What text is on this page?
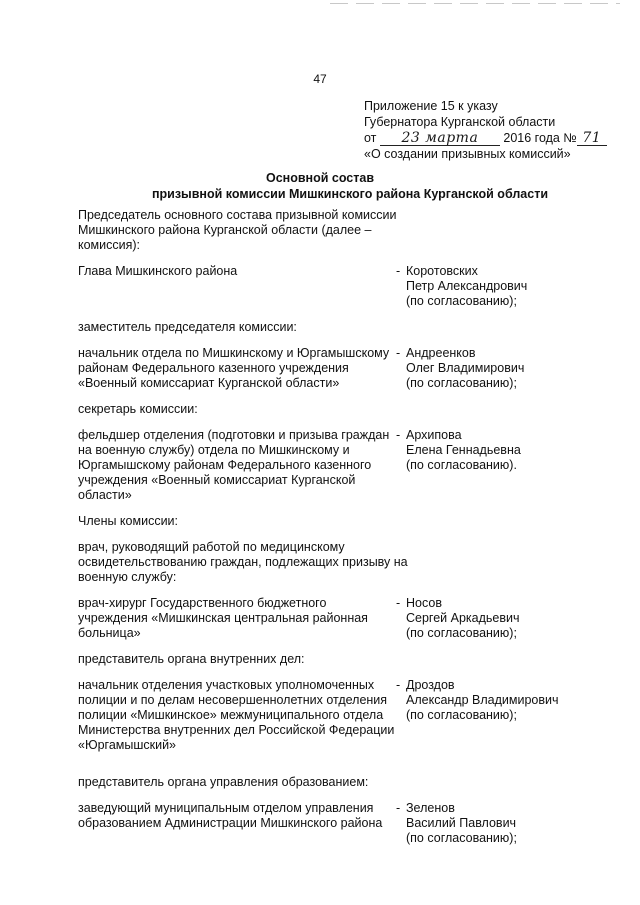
47
Приложение 15 к указу
Губернатора Курганской области
от 23 марта 2016 года № 71
«О создании призывных комиссий»
Основной состав
призывной комиссии Мишкинского района Курганской области
Председатель основного состава призывной комиссии Мишкинского района Курганской области (далее – комиссия):
Глава Мишкинского района	- Коротовских
Петр Александрович
(по согласованию);
заместитель председателя комиссии:
начальник отдела по Мишкинскому и Юргамышскому районам Федерального казенного учреждения «Военный комиссариат Курганской области»
- Андреенков
Олег Владимирович
(по согласованию);
секретарь комиссии:
фельдшер отделения (подготовки и призыва граждан на военную службу) отдела по Мишкинскому и Юргамышскому районам Федерального казенного учреждения «Военный комиссариат Курганской области»
- Архипова
Елена Геннадьевна
(по согласованию).
Члены комиссии:
врач, руководящий работой по медицинскому освидетельствованию граждан, подлежащих призыву на военную службу:
врач-хирург Государственного бюджетного учреждения «Мишкинская центральная районная больница»
- Носов
Сергей Аркадьевич
(по согласованию);
представитель органа внутренних дел:
начальник отделения участковых уполномоченных полиции и по делам несовершеннолетних отделения полиции «Мишкинское» межмуниципального отдела Министерства внутренних дел Российской Федерации «Юргамышский»
- Дроздов
Александр Владимирович
(по согласованию);
представитель органа управления образованием:
заведующий муниципальным отделом управления образованием Администрации Мишкинского района
- Зеленов
Василий Павлович
(по согласованию);
